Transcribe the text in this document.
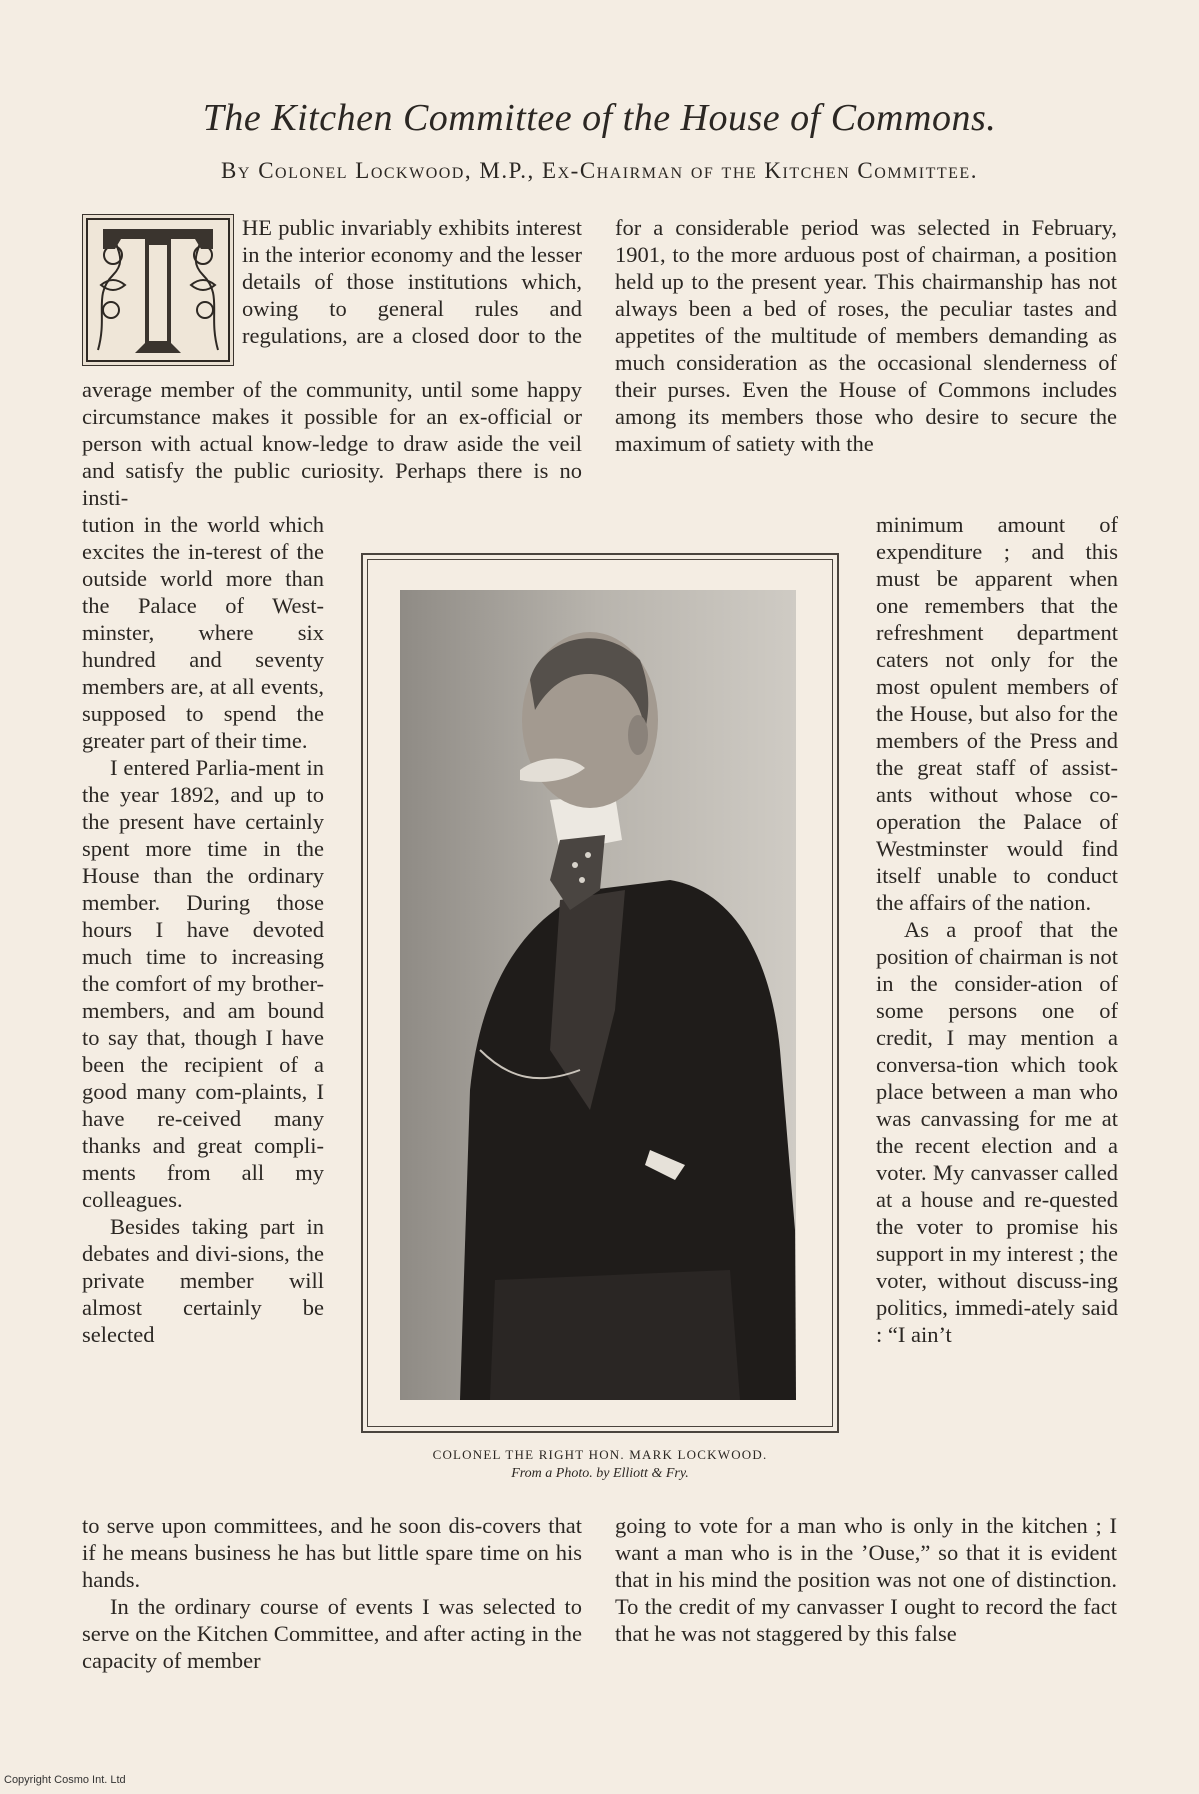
The Kitchen Committee of the House of Commons.
By Colonel Lockwood, M.P., Ex-Chairman of the Kitchen Committee.

HE public invariably exhibits interest in the interior economy and the lesser details of those institutions which, owing to general rules and regulations, are a closed door to the

average member of the community, until some happy circumstance makes it possible for an ex-official or person with actual know-ledge to draw aside the veil and satisfy the public curiosity. Perhaps there is no insti-

tution in the world which excites the in-terest of the outside world more than the Palace of West-minster, where six hundred and seventy members are, at all events, supposed to spend the greater part of their time.

I entered Parlia-ment in the year 1892, and up to the present have certainly spent more time in the House than the ordinary member. During those hours I have devoted much time to increasing the comfort of my brother-members, and am bound to say that, though I have been the recipient of a good many com-plaints, I have re-ceived many thanks and great compli-ments from all my colleagues.

Besides taking part in debates and divi-sions, the private member will almost certainly be selected

to serve upon committees, and he soon dis-covers that if he means business he has but little spare time on his hands.

In the ordinary course of events I was selected to serve on the Kitchen Committee, and after acting in the capacity of member

for a considerable period was selected in February, 1901, to the more arduous post of chairman, a position held up to the present year. This chairmanship has not always been a bed of roses, the peculiar tastes and appetites of the multitude of members demanding as much consideration as the occasional slenderness of their purses. Even the House of Commons includes among its members those who desire to secure the maximum of satiety with the

minimum amount of expenditure ; and this must be apparent when one remembers that the refreshment department caters not only for the most opulent members of the House, but also for the members of the Press and the great staff of assist-ants without whose co-operation the Palace of Westminster would find itself unable to conduct the affairs of the nation.

As a proof that the position of chairman is not in the consider-ation of some persons one of credit, I may mention a conversa-tion which took place between a man who was canvassing for me at the recent election and a voter. My canvasser called at a house and re-quested the voter to promise his support in my interest ; the voter, without discuss-ing politics, immedi-ately said : “I ain’t

going to vote for a man who is only in the kitchen ; I want a man who is in the ’Ouse,” so that it is evident that in his mind the position was not one of distinction. To the credit of my canvasser I ought to record the fact that he was not staggered by this false

COLONEL THE RIGHT HON. MARK LOCKWOOD.
From a Photo. by Elliott & Fry.
Copyright Cosmo Int. Ltd
